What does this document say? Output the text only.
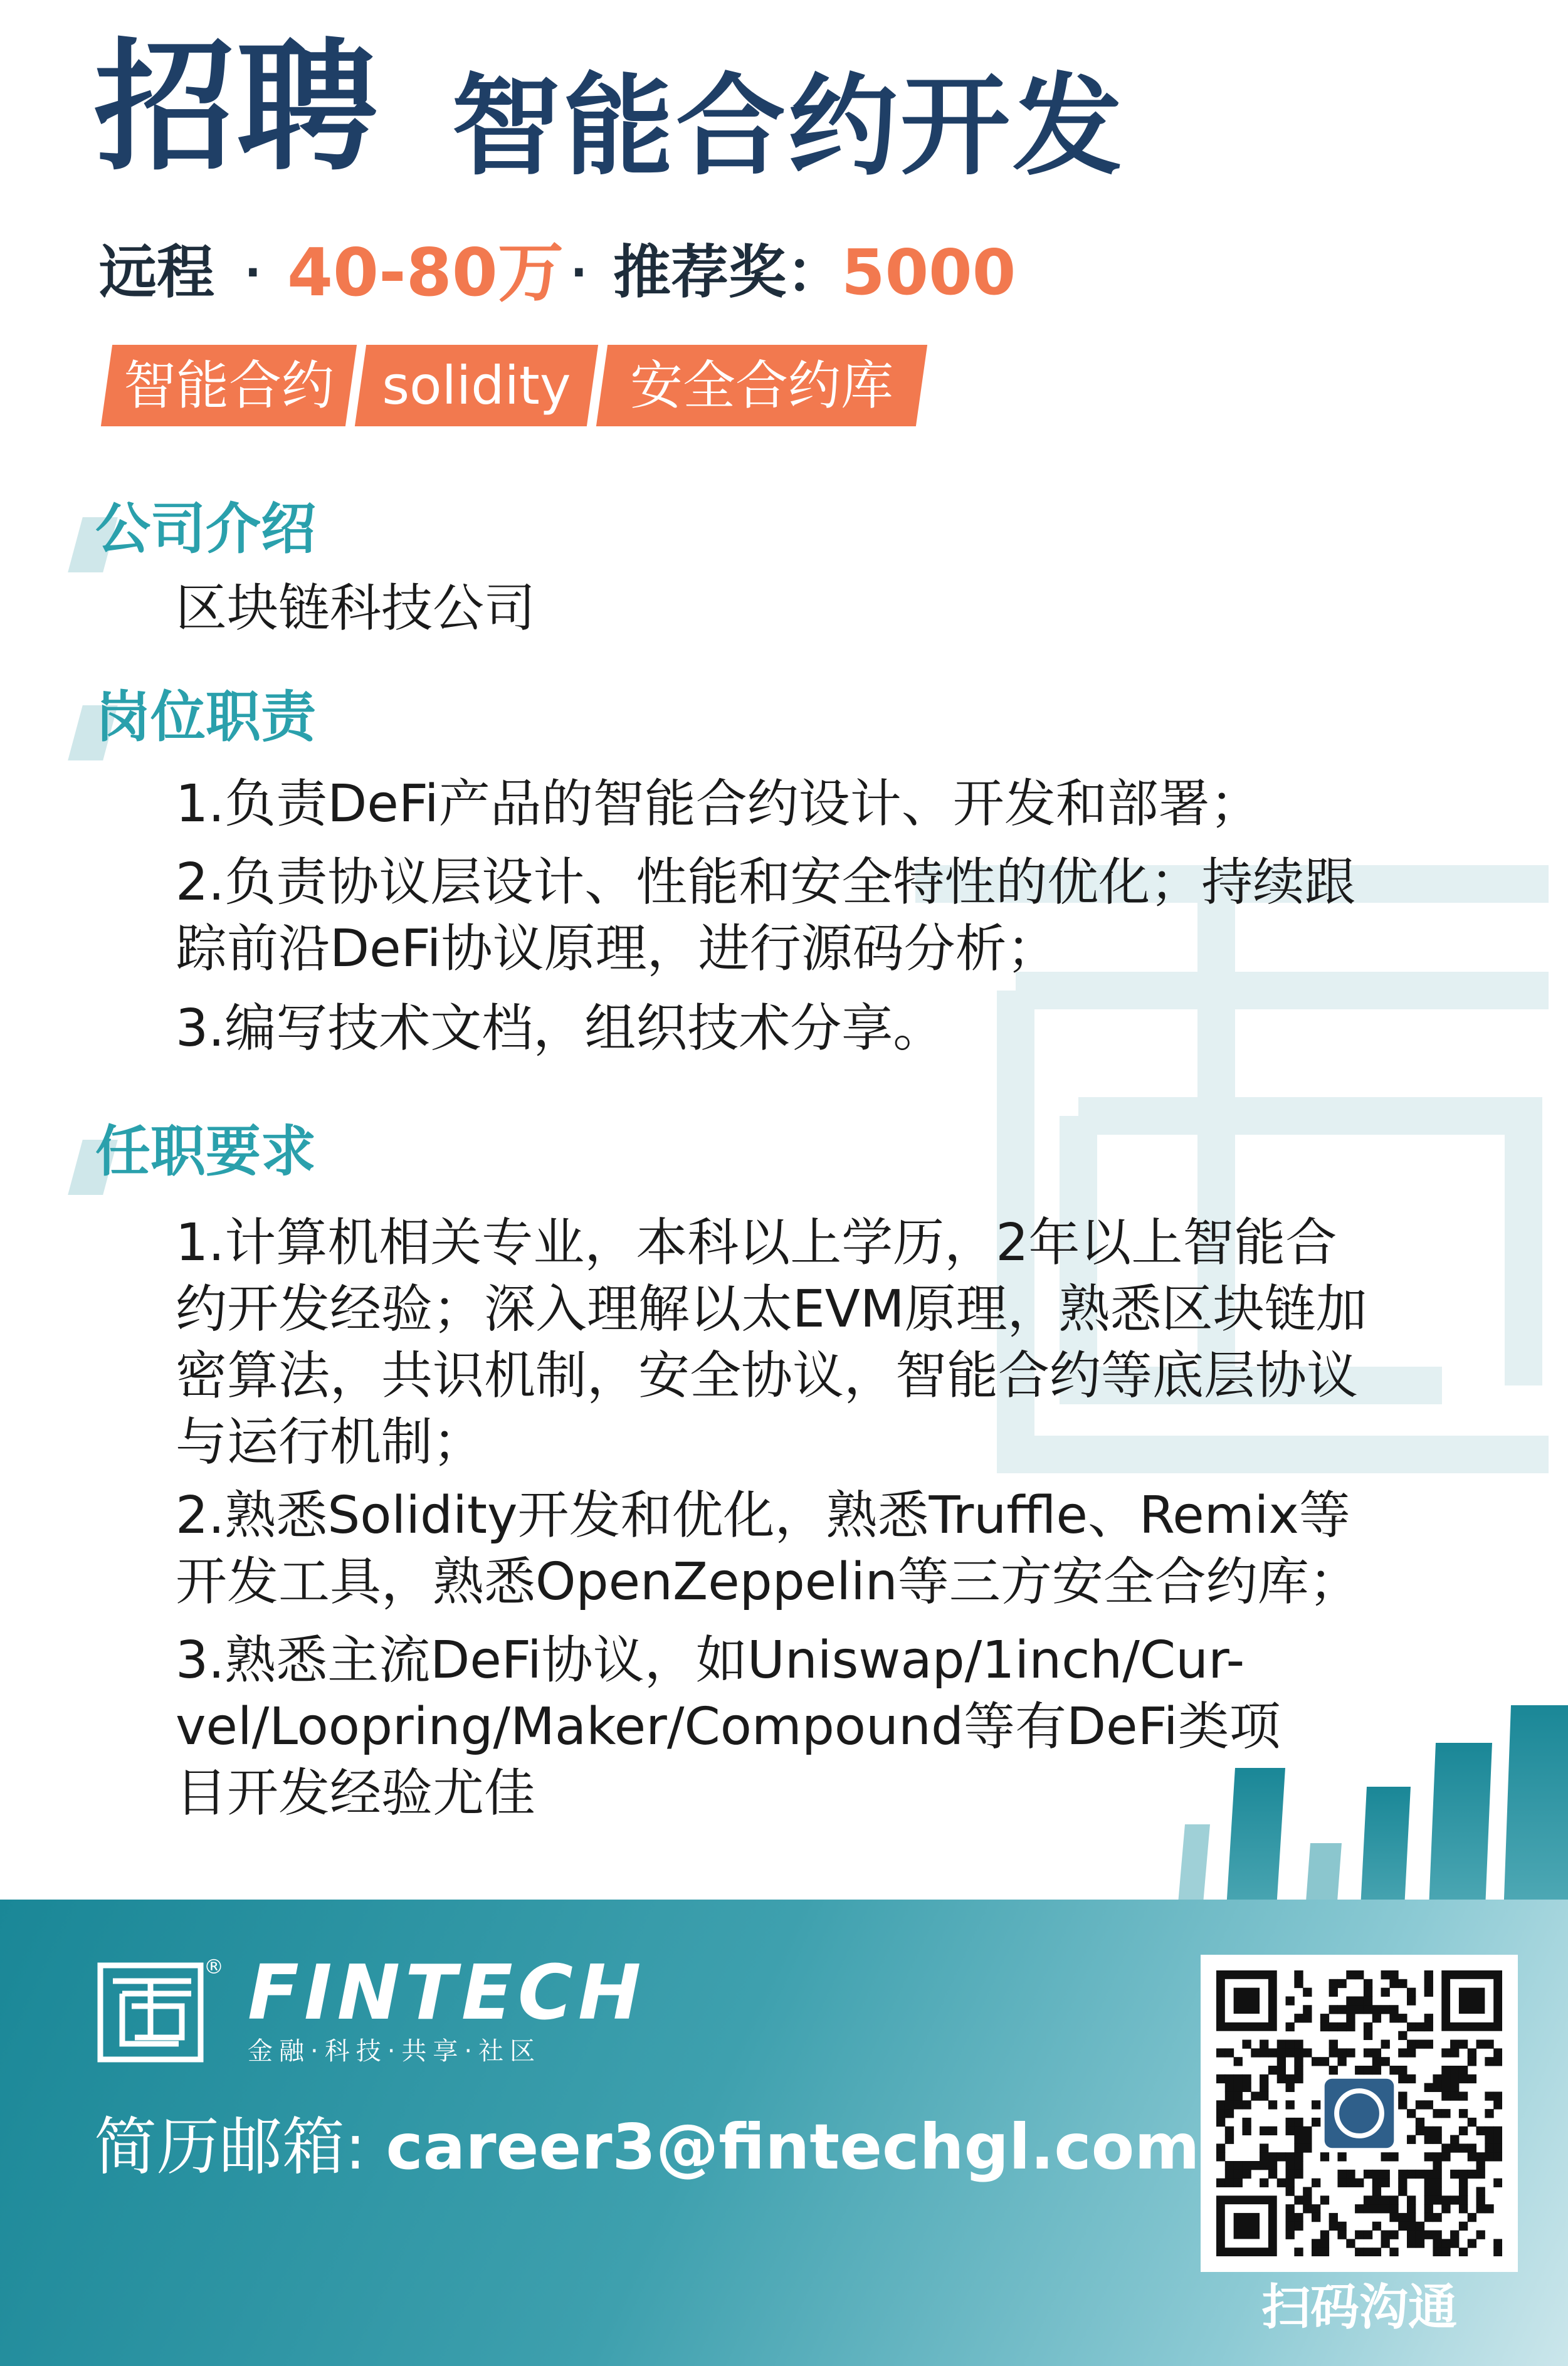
招聘 智能合约开发
远程 · 40-80万 · 推荐奖：
5000
智能合约 solidity	安全合约库
公司介绍
区块链科技公司
岗位职责
1.负责DeFi产品的智能合约设计、开发和部署；
2.负责协议层设计、性能和安全特性的优化；持续跟
踪前沿DeFi协议原理，进行源码分析；
3.编写技术文档，组织技术分享。
任职要求
1.计算机相关专业，本科以上学历，2年以上智能合
约开发经验；深入理解以太EVM原理，熟悉区块链加
密算法，共识机制，安全协议，智能合约等底层协议
与运行机制；
2.熟悉Solidity开发和优化，熟悉Truffle、Remix等
开发工具，熟悉OpenZeppelin等三方安全合约库；
3.熟悉主流DeFi协议，如Uniswap/1inch/Cur-
vel/Loopring/Maker/Compound等有DeFi类项
目开发经验尤佳
® FINTECH
金融·科技·共享·社区
简历邮箱: career3@fintechgl.com
扫码沟通
